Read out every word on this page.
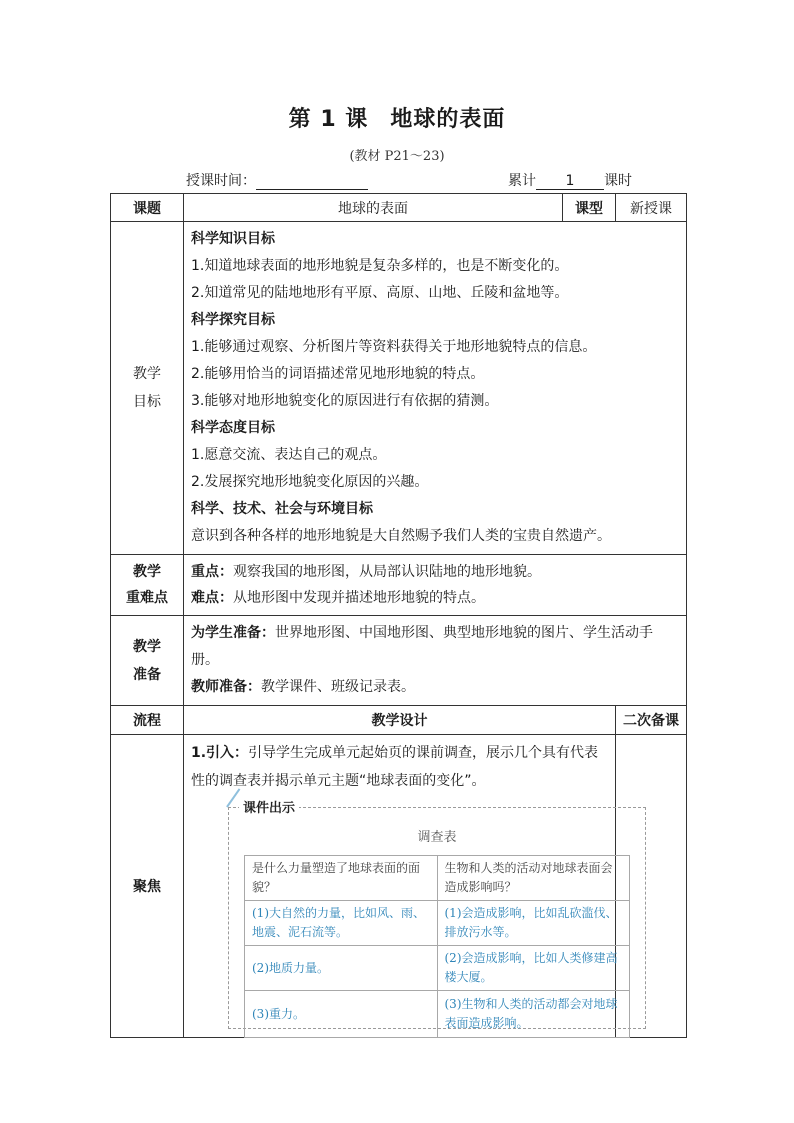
第 1 课 地球的表面
(教材 P21～23)
授课时间：	累计 1 课时
课题	地球的表面	课型	新授课
教学
目标	
科学知识目标
1.知道地球表面的地形地貌是复杂多样的，也是不断变化的。
2.知道常见的陆地地形有平原、高原、山地、丘陵和盆地等。
科学探究目标
1.能够通过观察、分析图片等资料获得关于地形地貌特点的信息。
2.能够用恰当的词语描述常见地形地貌的特点。
3.能够对地形地貌变化的原因进行有依据的猜测。
科学态度目标
1.愿意交流、表达自己的观点。
2.发展探究地形地貌变化原因的兴趣。
科学、技术、社会与环境目标
意识到各种各样的地形地貌是大自然赐予我们人类的宝贵自然遗产。

教学
重难点	
重点：观察我国的地形图，从局部认识陆地的地形地貌。
难点：从地形图中发现并描述地形地貌的特点。

教学
准备	
为学生准备：世界地形图、中国地形图、典型地形地貌的图片、学生活动手册。
教师准备：教学课件、班级记录表。

流程	教学设计	二次备课
聚焦	
1.引入：引导学生完成单元起始页的课前调查，展示几个具有代表性的调查表并揭示单元主题“地球表面的变化”。
课件出示
调查表
是什么力量塑造了地球表面的面貌？	生物和人类的活动对地球表面会造成影响吗？
(1)大自然的力量，比如风、雨、地震、泥石流等。	(1)会造成影响，比如乱砍滥伐、排放污水等。
(2)地质力量。	(2)会造成影响，比如人类修建高楼大厦。
(3)重力。	(3)生物和人类的活动都会对地球表面造成影响。
